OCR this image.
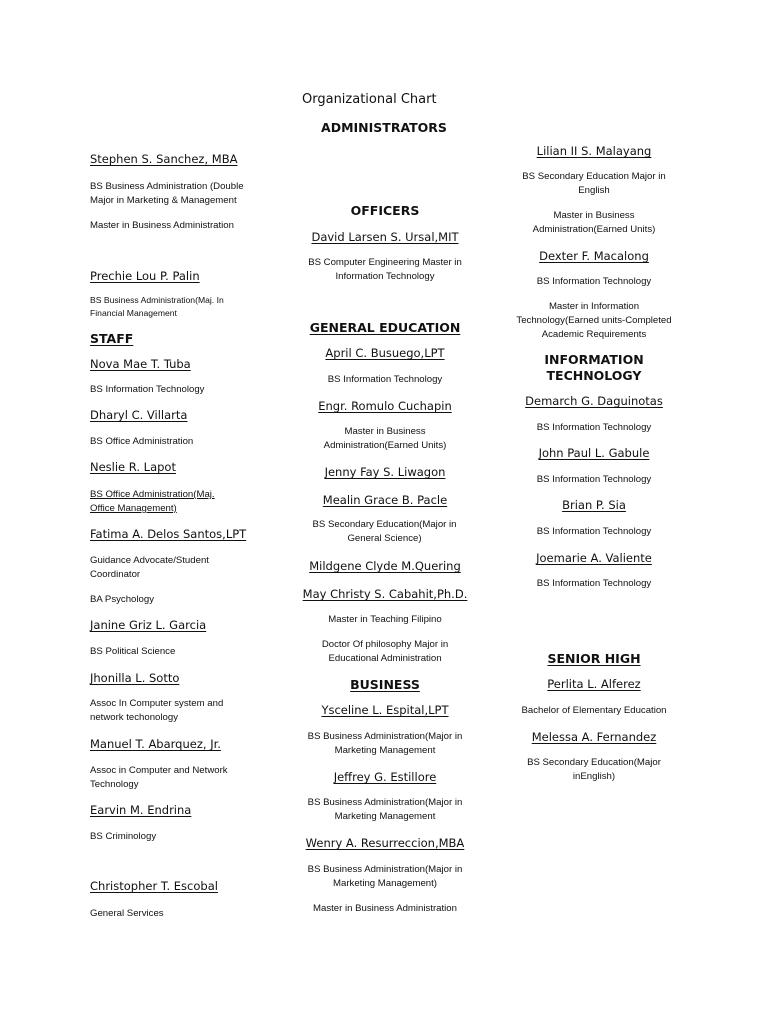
Organizational Chart
ADMINISTRATORS
Stephen S. Sanchez, MBA
BS Business Administration (Double Major in Marketing & Management
Master in Business Administration
Prechie Lou P. Palin
BS Business Administration(Maj. In Financial Management
STAFF
Nova Mae T. Tuba
BS Information Technology
Dharyl C. Villarta
BS Office Administration
Neslie R. Lapot
BS Office Administration(Maj. Office Management)
Fatima A. Delos Santos,LPT
Guidance Advocate/Student Coordinator
BA Psychology
Janine Griz L. Garcia
BS Political Science
Jhonilla L. Sotto
Assoc In Computer system and network techonology
Manuel T. Abarquez, Jr.
Assoc in Computer and Network Technology
Earvin M. Endrina
BS Criminology
Christopher T. Escobal
General Services
OFFICERS
David Larsen S. Ursal,MIT
BS Computer Engineering Master in Information Technology
GENERAL EDUCATION
April C. Busuego,LPT
BS Information Technology
Engr. Romulo Cuchapin
Master in Business Administration(Earned Units)
Jenny Fay S. Liwagon
Mealin Grace B. Pacle
BS Secondary Education(Major in General Science)
Mildgene Clyde M.Quering
May Christy S. Cabahit,Ph.D.
Master in Teaching Filipino
Doctor Of philosophy Major in Educational Administration
BUSINESS
Ysceline L. Espital,LPT
BS Business Administration(Major in Marketing Management
Jeffrey G. Estillore
BS Business Administration(Major in Marketing Management
Wenry A. Resurreccion,MBA
BS Business Administration(Major in Marketing Management)
Master in Business Administration
Lilian II S. Malayang
BS Secondary Education Major in English
Master in Business Administration(Earned Units)
Dexter F. Macalong
BS Information Technology
Master in Information Technology(Earned units-Completed Academic Requirements
INFORMATION TECHNOLOGY
Demarch G. Daguinotas
BS Information Technology
John Paul L. Gabule
BS Information Technology
Brian P. Sia
BS Information Technology
Joemarie A. Valiente
BS Information Technology
SENIOR HIGH
Perlita L. Alferez
Bachelor of Elementary Education
Melessa A. Fernandez
BS Secondary Education(Major inEnglish)
